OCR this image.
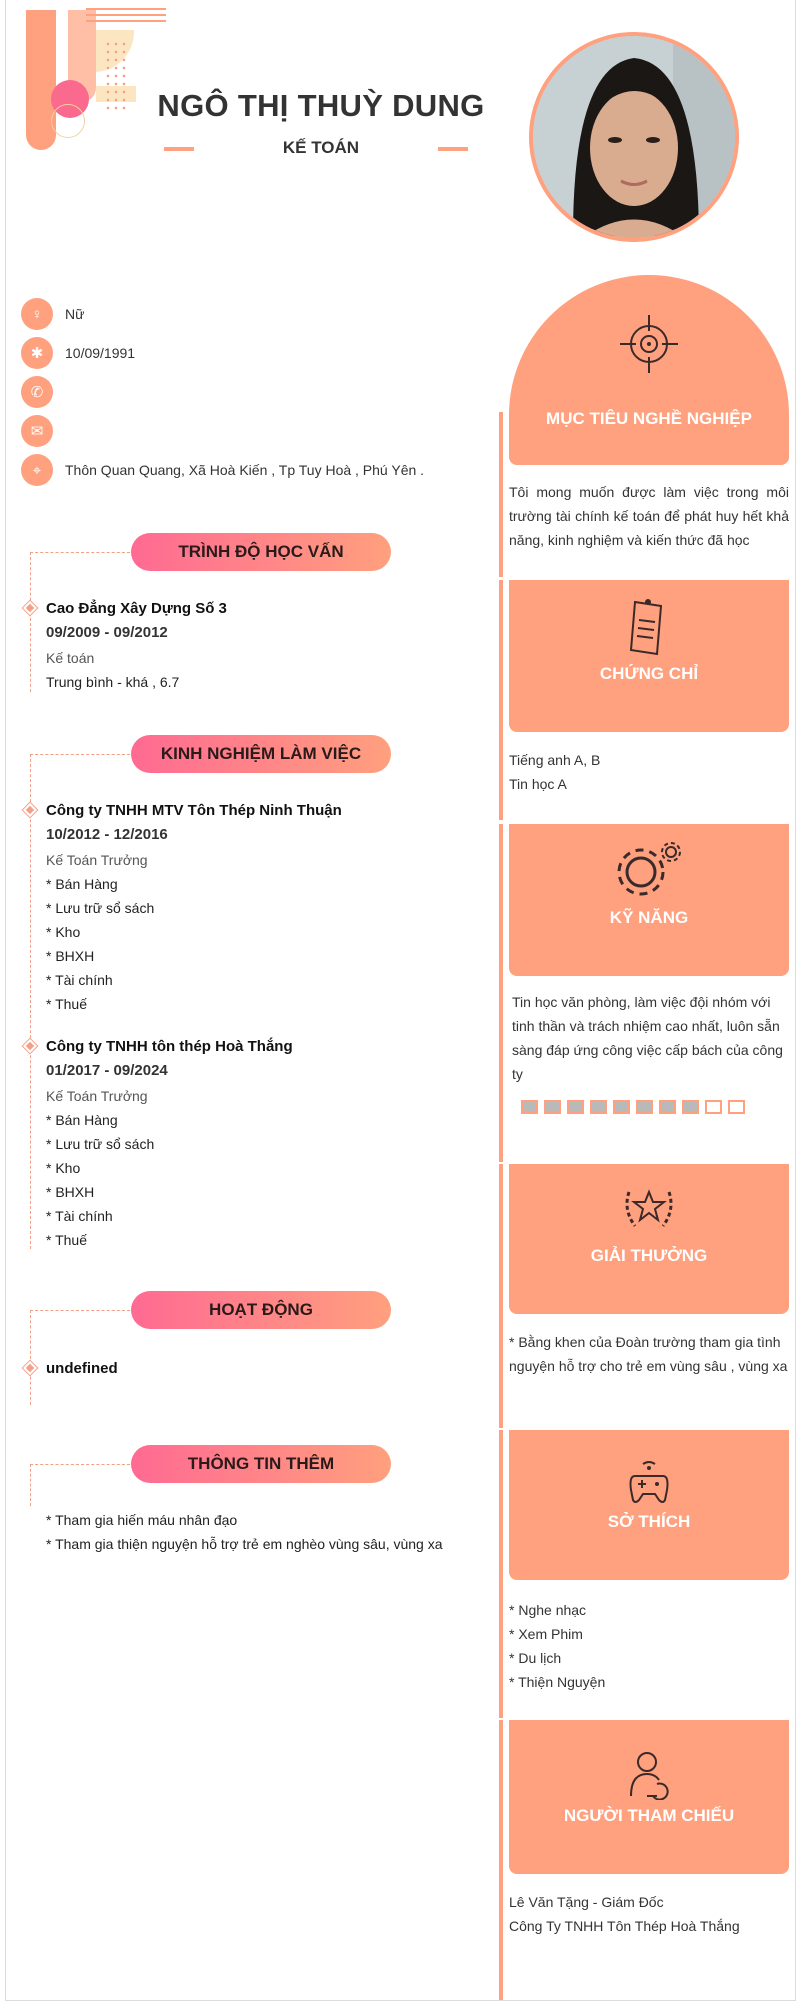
NGÔ THỊ THUỲ DUNG
KẾ TOÁN
♀	Nữ
✱	10/09/1991
✆
✉
⌖	Thôn Quan Quang, Xã Hoà Kiến , Tp Tuy Hoà , Phú Yên .
TRÌNH ĐỘ HỌC VẤN
Cao Đẳng Xây Dựng Số 3
09/2009 - 09/2012
Kế toán
Trung bình - khá , 6.7
KINH NGHIỆM LÀM VIỆC
Công ty TNHH MTV Tôn Thép Ninh Thuận
10/2012 - 12/2016
Kế Toán Trưởng
* Bán Hàng
* Lưu trữ sổ sách
* Kho
* BHXH
* Tài chính
* Thuế
Công ty TNHH tôn thép Hoà Thắng
01/2017 - 09/2024
Kế Toán Trưởng
* Bán Hàng
* Lưu trữ sổ sách
* Kho
* BHXH
* Tài chính
* Thuế
HOẠT ĐỘNG
undefined
THÔNG TIN THÊM
* Tham gia hiến máu nhân đạo
* Tham gia thiện nguyện hỗ trợ trẻ em nghèo vùng sâu, vùng xa
MỤC TIÊU NGHỀ NGHIỆP
Tôi mong muốn được làm việc trong môi trường tài chính kế toán để phát huy hết khả năng, kinh nghiệm và kiến thức đã học
CHỨNG CHỈ
Tiếng anh A, B
Tin học A
KỸ NĂNG
Tin học văn phòng, làm việc đội nhóm với tinh thần và trách nhiệm cao nhất, luôn sẵn sàng đáp ứng công việc cấp bách của công ty
GIẢI THƯỞNG
* Bằng khen của Đoàn trường tham gia tình nguyện hỗ trợ cho trẻ em vùng sâu , vùng xa
SỞ THÍCH
* Nghe nhạc
* Xem Phim
* Du lịch
* Thiện Nguyện
NGƯỜI THAM CHIẾU
Lê Văn Tặng - Giám Đốc
Công Ty TNHH Tôn Thép Hoà Thắng
